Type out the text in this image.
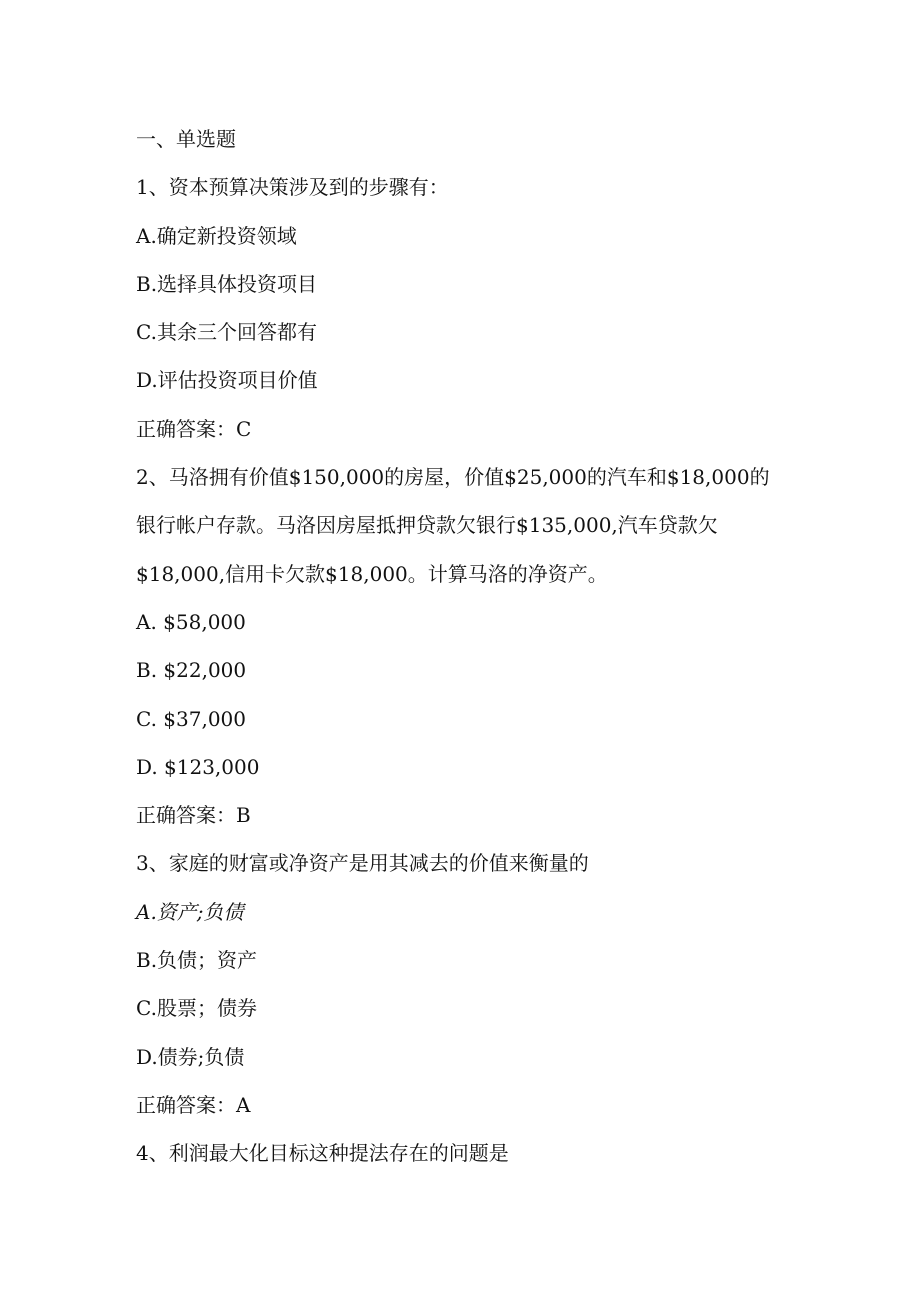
一、单选题
1、资本预算决策涉及到的步骤有：
A.确定新投资领域
B.选择具体投资项目
C.其余三个回答都有
D.评估投资项目价值
正确答案：C
2、马洛拥有价值$150,000的房屋，价值$25,000的汽车和$18,000的
银行帐户存款。马洛因房屋抵押贷款欠银行$135,000,汽车贷款欠
$18,000,信用卡欠款$18,000。计算马洛的净资产。
A. $58,000
B. $22,000
C. $37,000
D. $123,000
正确答案：B
3、家庭的财富或净资产是用其减去的价值来衡量的
A.资产;负债
B.负债；资产
C.股票；债券
D.债券;负债
正确答案：A
4、利润最大化目标这种提法存在的问题是
